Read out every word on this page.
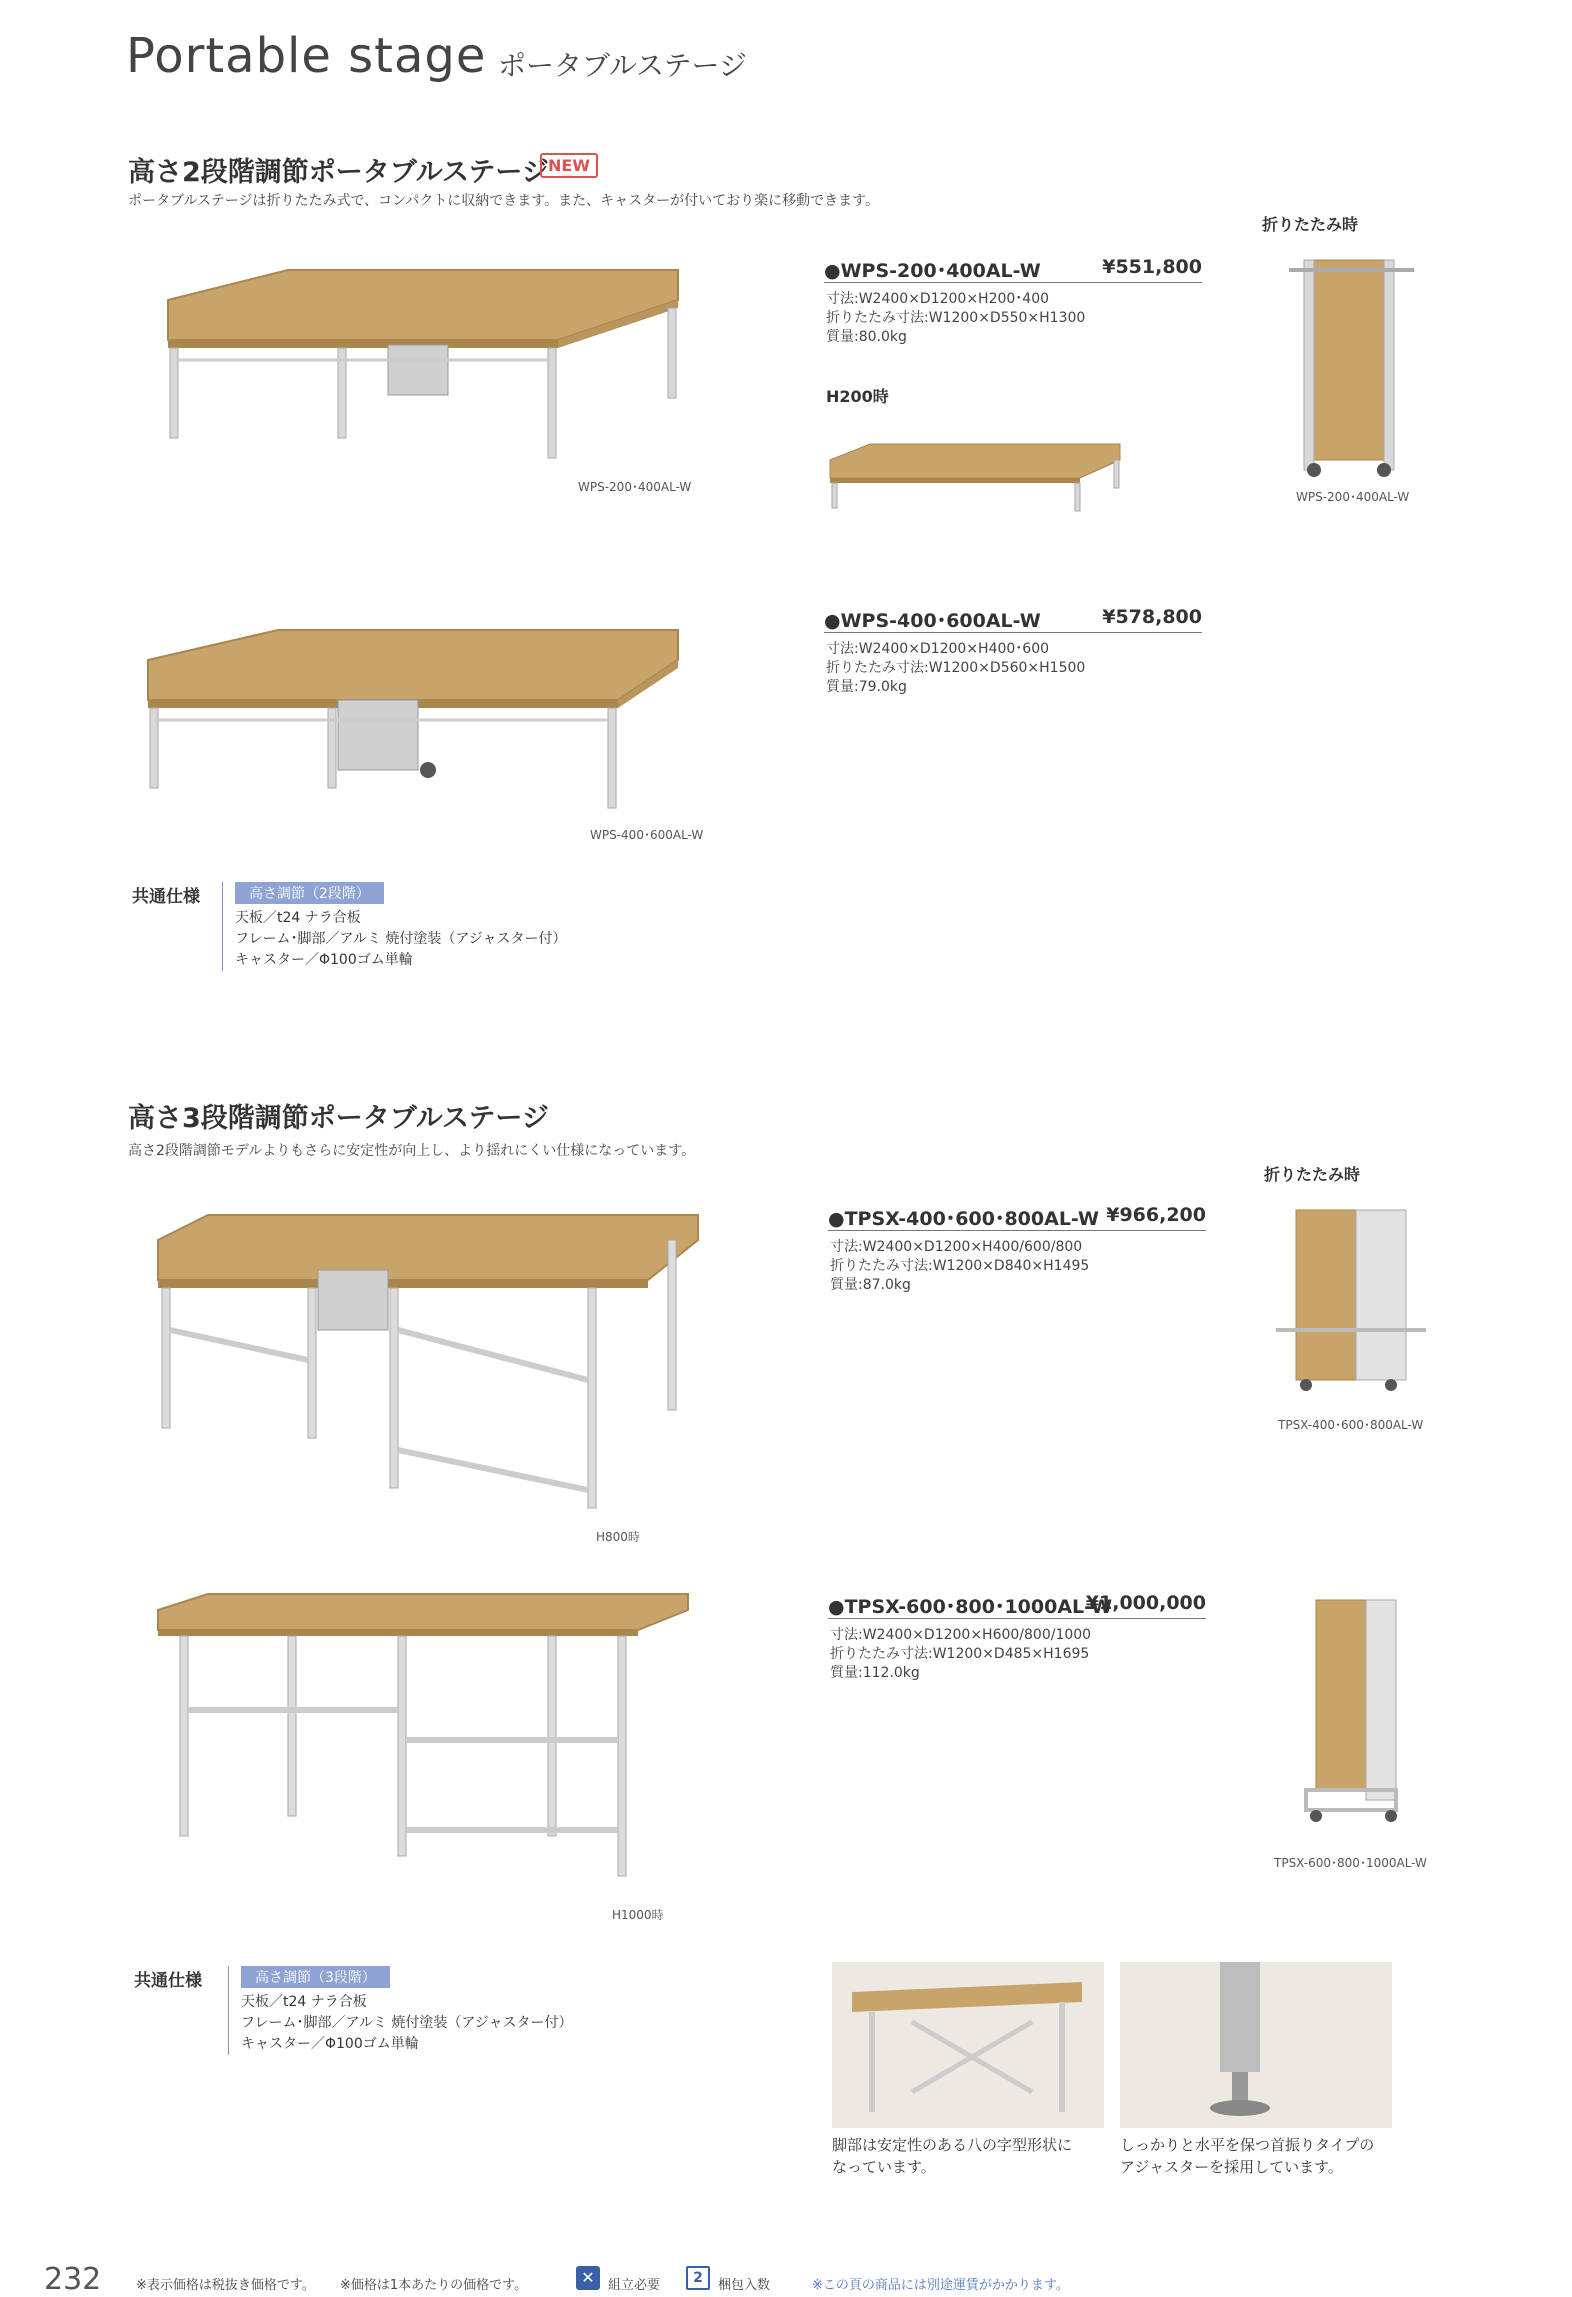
Portable stage ポータブルステージ
高さ2段階調節ポータブルステージ NEW
ポータブルステージは折りたたみ式で、コンパクトに収納できます。また、キャスターが付いており楽に移動できます。
折りたたみ時
WPS-200･400AL-W
●WPS-200･400AL-W	¥551,800
寸法:W2400×D1200×H200･400
折りたたみ寸法:W1200×D550×H1300
質量:80.0kg
H200時
WPS-200･400AL-W
WPS-400･600AL-W
●WPS-400･600AL-W	¥578,800
寸法:W2400×D1200×H400･600
折りたたみ寸法:W1200×D560×H1500
質量:79.0kg
共通仕様	高さ調節（2段階）
天板／t24 ナラ合板
フレーム･脚部／アルミ 焼付塗装（アジャスター付）
キャスター／Φ100ゴム単輪
高さ3段階調節ポータブルステージ
高さ2段階調節モデルよりもさらに安定性が向上し、より揺れにくい仕様になっています。
折りたたみ時
H800時
●TPSX-400･600･800AL-W ¥966,200
寸法:W2400×D1200×H400/600/800
折りたたみ寸法:W1200×D840×H1495
質量:87.0kg
TPSX-400･600･800AL-W
H1000時
●TPSX-600･800･1000AL-W
¥1,000,000
寸法:W2400×D1200×H600/800/1000
折りたたみ寸法:W1200×D485×H1695
質量:112.0kg
TPSX-600･800･1000AL-W
共通仕様	高さ調節（3段階）
天板／t24 ナラ合板
フレーム･脚部／アルミ 焼付塗装（アジャスター付）
キャスター／Φ100ゴム単輪
脚部は安定性のある八の字型形状に
なっています。
しっかりと水平を保つ首振りタイプの
アジャスターを採用しています。
232	※表示価格は税抜き価格です。 ※価格は1本あたりの価格です。	✕	組立必要	2	梱包入数	※この頁の商品には別途運賃がかかります。
